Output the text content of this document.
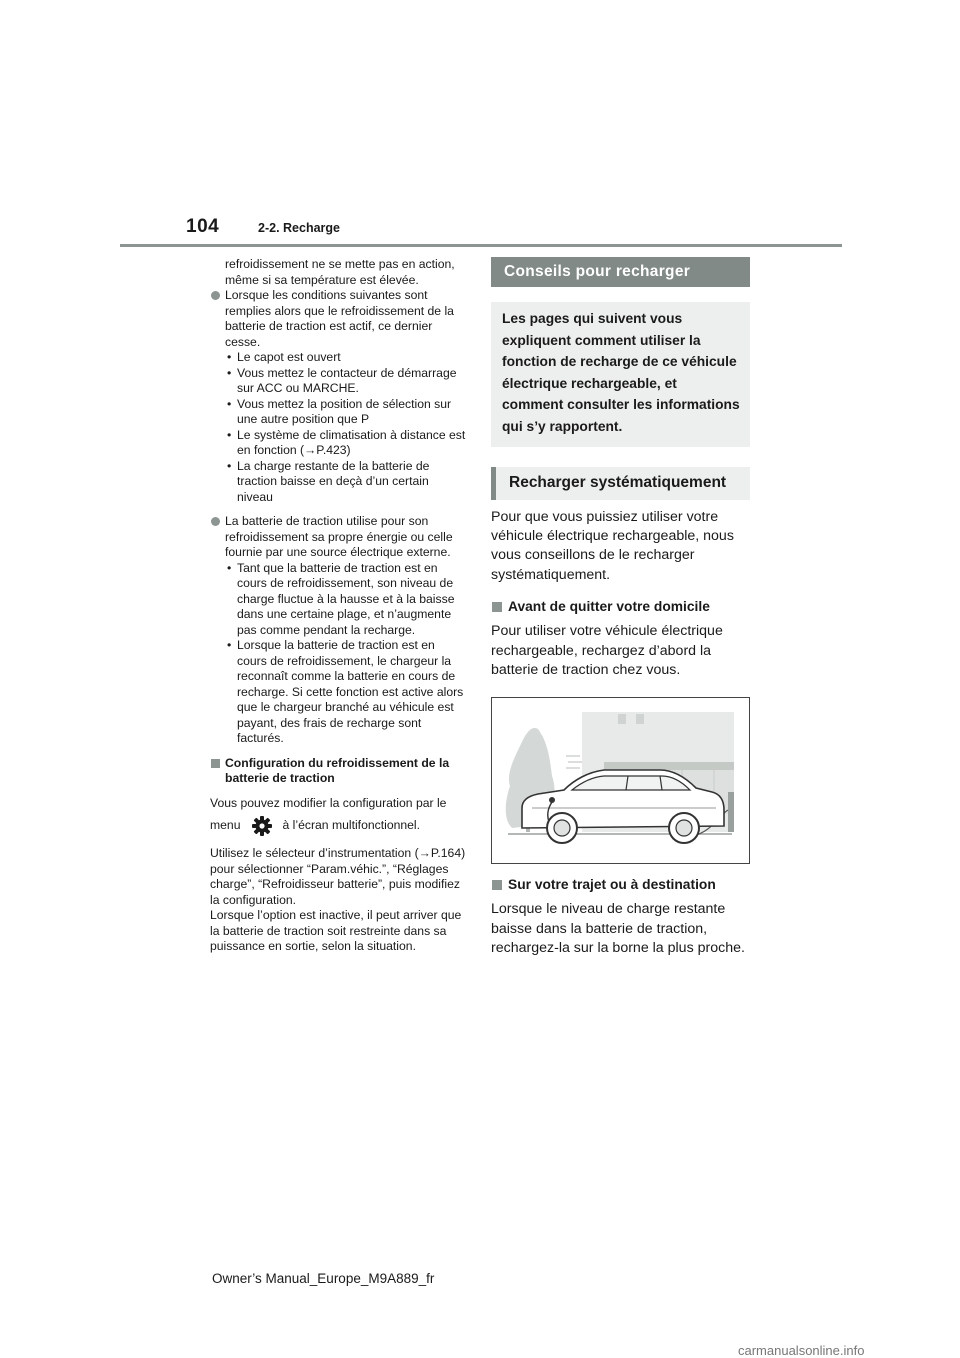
104	2-2. Recharge

refroidissement ne se mette pas en action, même si sa température est élevée.

Lorsque les conditions suivantes sont remplies alors que le refroidissement de la batterie de traction est actif, ce dernier cesse.

• Le capot est ouvert
• Vous mettez le contacteur de démarrage sur ACC ou MARCHE.
• Vous mettez la position de sélection sur une autre position que P
• Le système de climatisation à distance est en fonction (→P.423)
• La charge restante de la batterie de traction baisse en deçà d’un certain niveau

La batterie de traction utilise pour son refroidissement sa propre énergie ou celle fournie par une source électrique externe.

• Tant que la batterie de traction est en cours de refroidissement, son niveau de charge fluctue à la hausse et à la baisse dans une certaine plage, et n’augmente pas comme pendant la recharge.
• Lorsque la batterie de traction est en cours de refroidissement, le chargeur la reconnaît comme la batterie en cours de recharge. Si cette fonction est active alors que le chargeur branché au véhicule est payant, des frais de recharge sont facturés.

Configuration du refroidissement de la batterie de traction

Vous pouvez modifier la configuration par le

menu	à l’écran multifonctionnel.

Utilisez le sélecteur d’instrumentation (→P.164) pour sélectionner “Param.véhic.”, “Réglages charge”, “Refroidisseur batterie”, puis modifiez la configuration.

Lorsque l’option est inactive, il peut arriver que la batterie de traction soit restreinte dans sa puissance en sortie, selon la situation.

Conseils pour recharger
Les pages qui suivent vous expliquent comment utiliser la fonction de recharge de ce véhicule électrique rechargeable, et comment consulter les informations qui s’y rapportent.
Recharger systématiquement

Pour que vous puissiez utiliser votre véhicule électrique rechargeable, nous vous conseillons de le recharger systématiquement.

Avant de quitter votre domicile

Pour utiliser votre véhicule électrique rechargeable, rechargez d’abord la batterie de traction chez vous.

Sur votre trajet ou à destination

Lorsque le niveau de charge restante baisse dans la batterie de traction, rechargez-la sur la borne la plus proche.

Owner’s Manual_Europe_M9A889_fr
carmanualsonline.info
